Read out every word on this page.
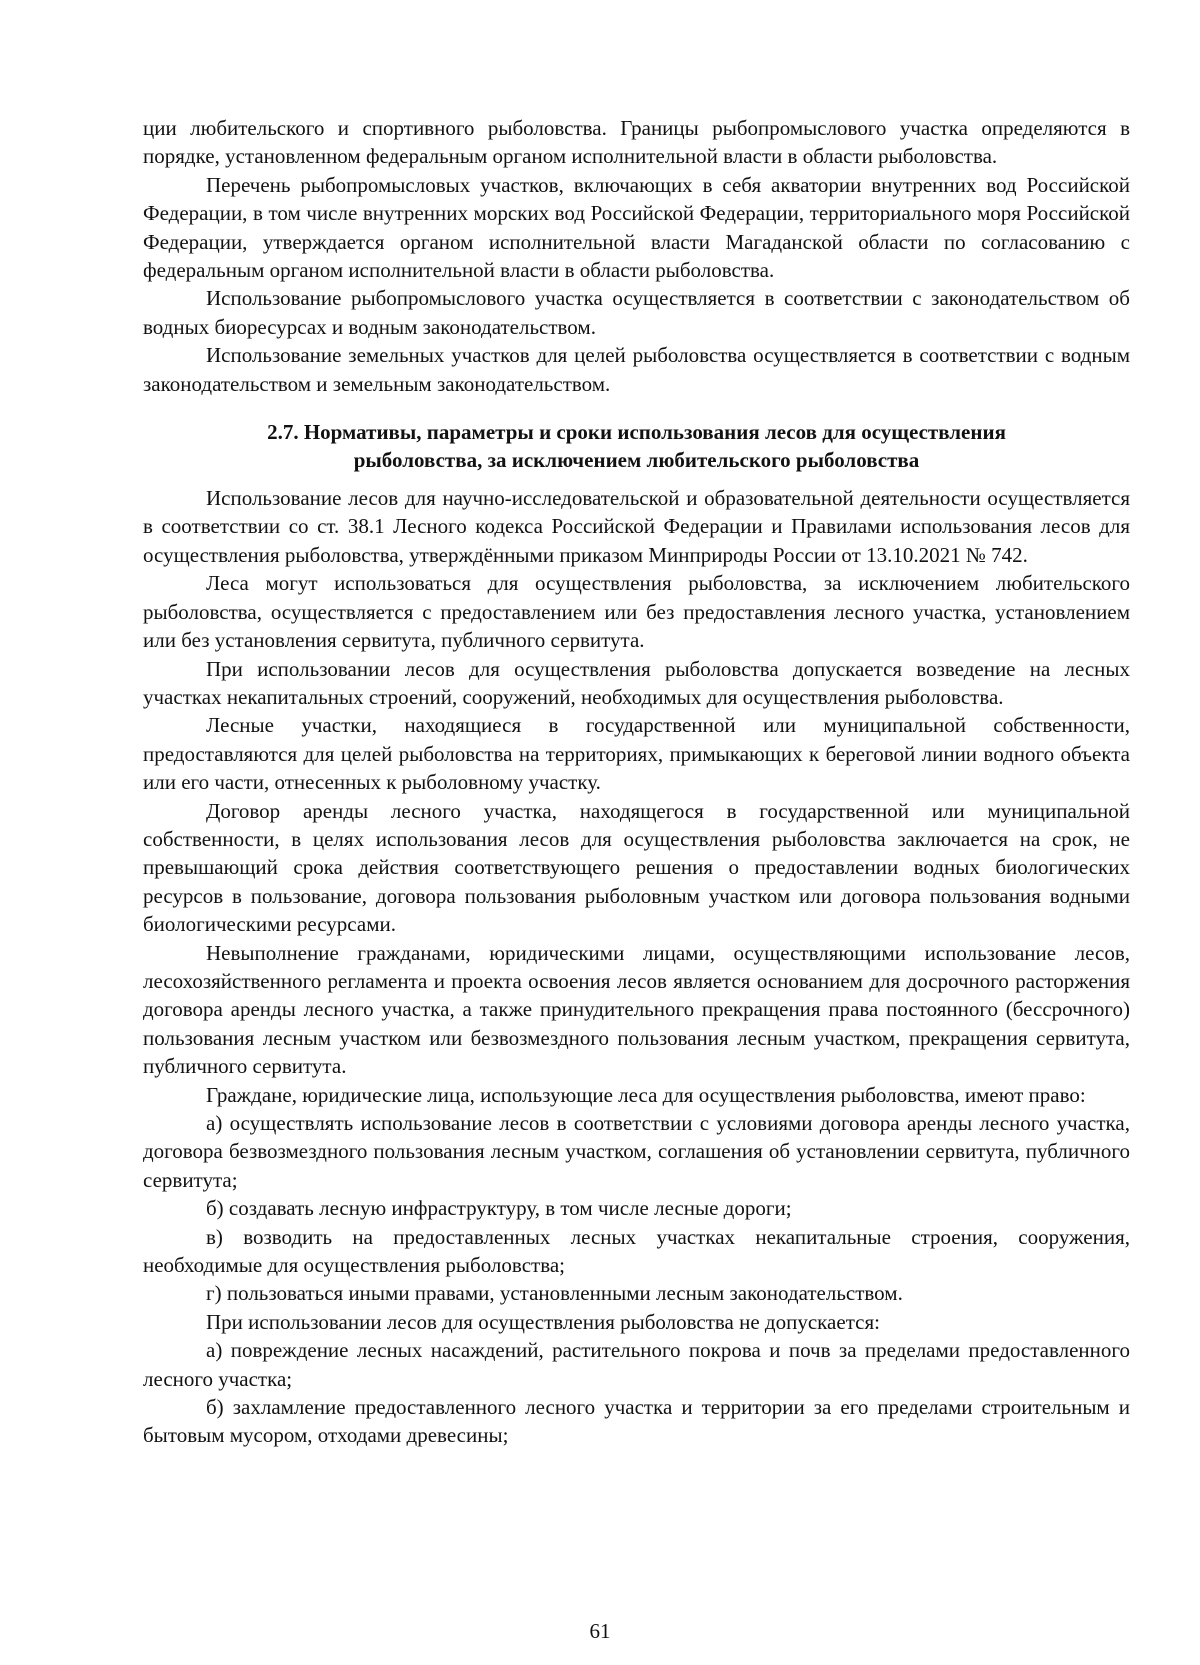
ции любительского и спортивного рыболовства. Границы рыбопромыслового участка определяются в порядке, установленном федеральным органом исполнительной власти в области рыболовства.

Перечень рыбопромысловых участков, включающих в себя акватории внутренних вод Российской Федерации, в том числе внутренних морских вод Российской Федерации, территориального моря Российской Федерации, утверждается органом исполнительной власти Магаданской области по согласованию с федеральным органом исполнительной власти в области рыболовства.

Использование рыбопромыслового участка осуществляется в соответствии с законодательством об водных биоресурсах и водным законодательством.

Использование земельных участков для целей рыболовства осуществляется в соответствии с водным законодательством и земельным законодательством.

2.7. Нормативы, параметры и сроки использования лесов для осуществления
рыболовства, за исключением любительского рыболовства

Использование лесов для научно-исследовательской и образовательной деятельности осуществляется в соответствии со ст. 38.1 Лесного кодекса Российской Федерации и Правилами использования лесов для осуществления рыболовства, утверждёнными приказом Минприроды России от 13.10.2021 № 742.

Леса могут использоваться для осуществления рыболовства, за исключением любительского рыболовства, осуществляется с предоставлением или без предоставления лесного участка, установлением или без установления сервитута, публичного сервитута.

При использовании лесов для осуществления рыболовства допускается возведение на лесных участках некапитальных строений, сооружений, необходимых для осуществления рыболовства.

Лесные участки, находящиеся в государственной или муниципальной собственности, предоставляются для целей рыболовства на территориях, примыкающих к береговой линии водного объекта или его части, отнесенных к рыболовному участку.

Договор аренды лесного участка, находящегося в государственной или муниципальной собственности, в целях использования лесов для осуществления рыболовства заключается на срок, не превышающий срока действия соответствующего решения о предоставлении водных биологических ресурсов в пользование, договора пользования рыболовным участком или договора пользования водными биологическими ресурсами.

Невыполнение гражданами, юридическими лицами, осуществляющими использование лесов, лесохозяйственного регламента и проекта освоения лесов является основанием для досрочного расторжения договора аренды лесного участка, а также принудительного прекращения права постоянного (бессрочного) пользования лесным участком или безвозмездного пользования лесным участком, прекращения сервитута, публичного сервитута.

Граждане, юридические лица, использующие леса для осуществления рыболовства, имеют право:

а) осуществлять использование лесов в соответствии с условиями договора аренды лесного участка, договора безвозмездного пользования лесным участком, соглашения об установлении сервитута, публичного сервитута;

б) создавать лесную инфраструктуру, в том числе лесные дороги;

в) возводить на предоставленных лесных участках некапитальные строения, сооружения, необходимые для осуществления рыболовства;

г) пользоваться иными правами, установленными лесным законодательством.

При использовании лесов для осуществления рыболовства не допускается:

а) повреждение лесных насаждений, растительного покрова и почв за пределами предоставленного лесного участка;

б) захламление предоставленного лесного участка и территории за его пределами строительным и бытовым мусором, отходами древесины;

61
